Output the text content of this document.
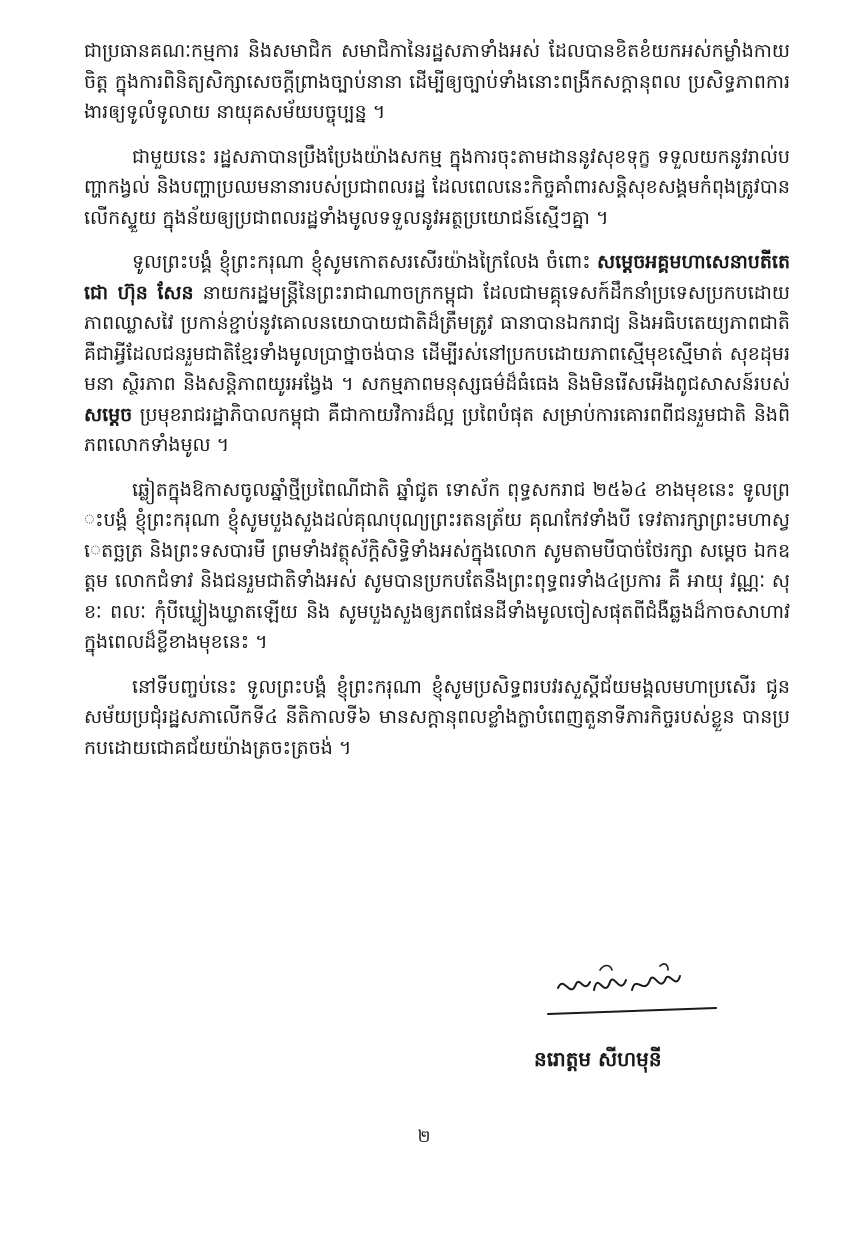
ជាប្រធានគណៈកម្មការ និងសមាជិក សមាជិកានៃរដ្ឋសភាទាំងអស់ ដែលបានខិតខំយកអស់កម្លាំងកាយចិត្ត ក្នុងការពិនិត្យសិក្សាសេចក្តីព្រាងច្បាប់នានា ដើម្បីឲ្យច្បាប់ទាំងនោះពង្រីកសក្តានុពល ប្រសិទ្ធភាពការងារឲ្យទូលំទូលាយ នាយុគសម័យបច្ចុប្បន្ន ។

ជាមួយនេះ រដ្ឋសភាបានប្រឹងប្រែងយ៉ាងសកម្ម ក្នុងការចុះតាមដាននូវសុខទុក្ខ ទទួលយកនូវរាល់បញ្ហាកង្វល់ និងបញ្ហាប្រឈមនានារបស់ប្រជាពលរដ្ឋ ដែលពេលនេះកិច្ចគាំពារសន្តិសុខសង្គមកំពុងត្រូវបានលើកស្ទួយ ក្នុងន័យឲ្យប្រជាពលរដ្ឋទាំងមូលទទួលនូវអត្ថប្រយោជន៍ស្មើៗគ្នា ។

ទូលព្រះបង្គំ ខ្ញុំព្រះករុណា ខ្ញុំសូមកោតសរសើរយ៉ាងក្រៃលែង ចំពោះ សម្តេចអគ្គមហាសេនាបតីតេជោ ហ៊ុន សែន នាយករដ្ឋមន្ត្រីនៃព្រះរាជាណាចក្រកម្ពុជា ដែលជាមគ្គុទេសក៍ដឹកនាំប្រទេសប្រកបដោយភាពឈ្លាសវៃ ប្រកាន់ខ្ជាប់នូវគោលនយោបាយជាតិដ៏ត្រឹមត្រូវ ធានាបានឯករាជ្យ និងអធិបតេយ្យភាពជាតិ គឺជាអ្វីដែលជនរួមជាតិខ្មែរទាំងមូលប្រាថ្នាចង់បាន ដើម្បីរស់នៅប្រកបដោយភាពស្មើមុខស្មើមាត់ សុខដុមរមនា ស្ថិរភាព និងសន្តិភាពយូរអង្វែង ។ សកម្មភាពមនុស្សធម៌ដ៏ធំធេង និងមិនរើសអើងពូជសាសន៍របស់ សម្តេច ប្រមុខរាជរដ្ឋាភិបាលកម្ពុជា គឺជាកាយវិការដ៏ល្អ ប្រពៃបំផុត សម្រាប់ការគោរពពីជនរួមជាតិ និងពិភពលោកទាំងមូល ។

ឆ្លៀតក្នុងឱកាសចូលឆ្នាំថ្មីប្រពៃណីជាតិ ឆ្នាំជូត ទោស័ក ពុទ្ធសករាជ ២៥៦៤ ខាងមុខនេះ ទូលព្រះបង្គំ ខ្ញុំព្រះករុណា ខ្ញុំសូមបួងសួងដល់គុណបុណ្យព្រះរតនត្រ័យ គុណកែវទាំងបី ទេវតារក្សាព្រះមហាស្វេតច្ឆត្រ និងព្រះទសបារមី ព្រមទាំងវត្ថុស័ក្តិសិទ្ធិទាំងអស់ក្នុងលោក សូមតាមបីបាច់ថែរក្សា សម្តេច ឯកឧត្តម លោកជំទាវ និងជនរួមជាតិទាំងអស់ សូមបានប្រកបតែនឹងព្រះពុទ្ធពរទាំង៤ប្រការ គឺ អាយុ វណ្ណៈ សុខៈ ពលៈ កុំបីឃ្លៀងឃ្លាតឡើយ និង សូមបួងសួងឲ្យភពផែនដីទាំងមូលចៀសផុតពីជំងឺឆ្លងដ៏កាចសាហាវក្នុងពេលដ៏ខ្លីខាងមុខនេះ ។

នៅទីបញ្ចប់នេះ ទូលព្រះបង្គំ ខ្ញុំព្រះករុណា ខ្ញុំសូមប្រសិទ្ធពរបវរសួស្តីជ័យមង្គលមហាប្រសើរ ជូនសម័យប្រជុំរដ្ឋសភាលើកទី៤ នីតិកាលទី៦ មានសក្តានុពលខ្លាំងក្លាបំពេញតួនាទីភារកិច្ចរបស់ខ្លួន បានប្រកបដោយជោគជ័យយ៉ាងត្រចះត្រចង់ ។

នរោត្តម សីហមុនី
២
